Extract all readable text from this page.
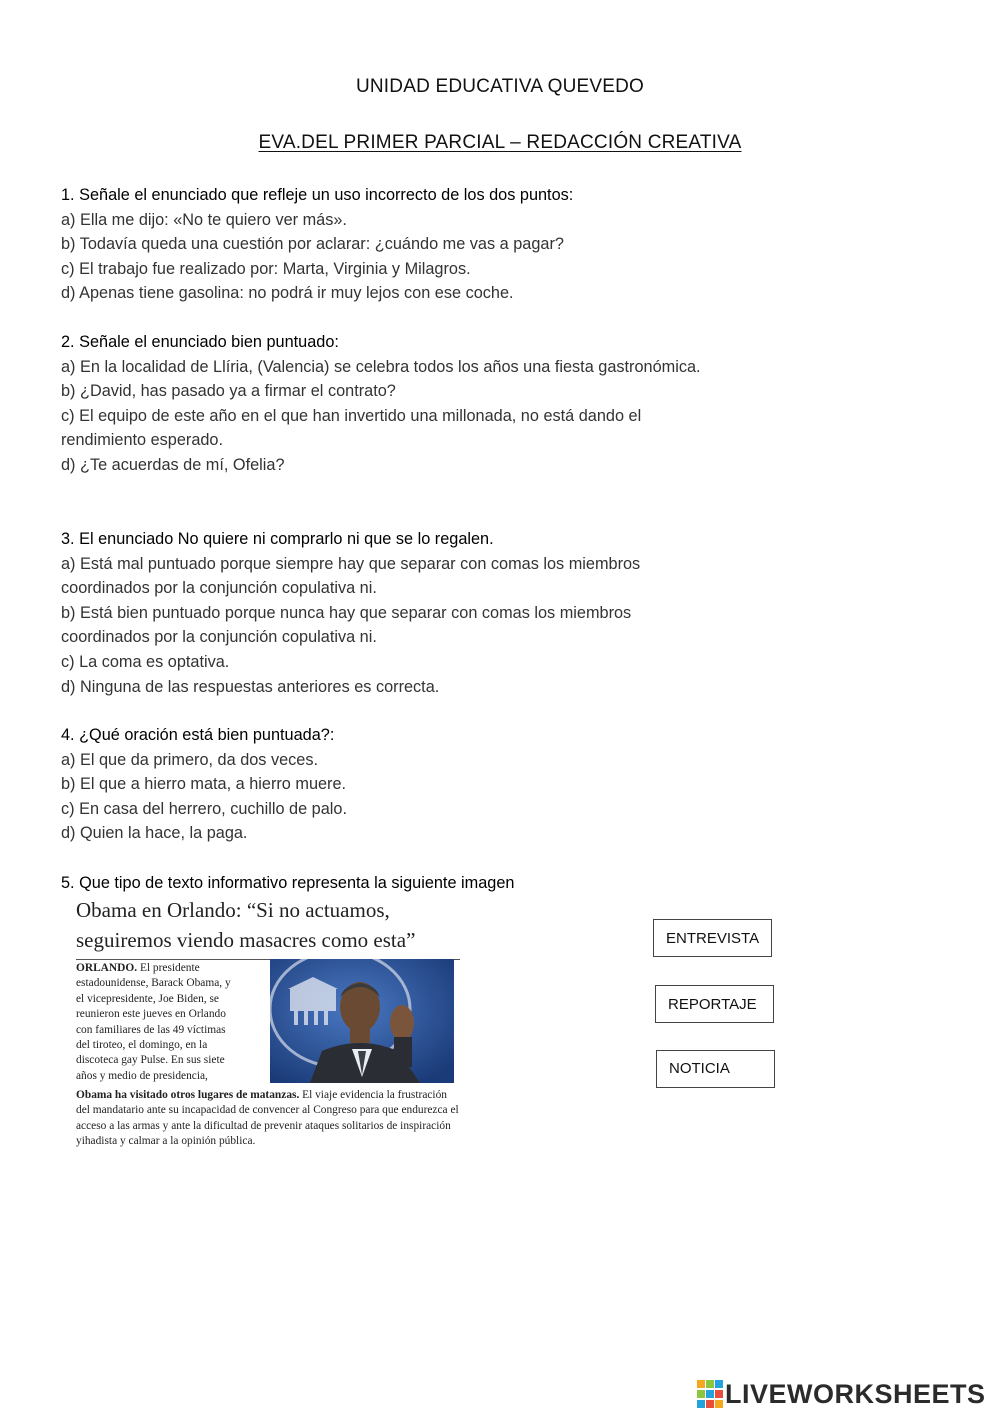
UNIDAD EDUCATIVA QUEVEDO
EVA.DEL PRIMER PARCIAL – REDACCIÓN CREATIVA
1. Señale el enunciado que refleje un uso incorrecto de los dos puntos:
a) Ella me dijo: «No te quiero ver más».
b) Todavía queda una cuestión por aclarar: ¿cuándo me vas a pagar?
c) El trabajo fue realizado por: Marta, Virginia y Milagros.
d) Apenas tiene gasolina: no podrá ir muy lejos con ese coche.
2. Señale el enunciado bien puntuado:
a) En la localidad de Llíria, (Valencia) se celebra todos los años una fiesta gastronómica.
b) ¿David, has pasado ya a firmar el contrato?
c) El equipo de este año en el que han invertido una millonada, no está dando el rendimiento esperado.
d) ¿Te acuerdas de mí, Ofelia?
3. El enunciado No quiere ni comprarlo ni que se lo regalen.
a) Está mal puntuado porque siempre hay que separar con comas los miembros coordinados por la conjunción copulativa ni.
b) Está bien puntuado porque nunca hay que separar con comas los miembros coordinados por la conjunción copulativa ni.
c) La coma es optativa.
d) Ninguna de las respuestas anteriores es correcta.
4. ¿Qué oración está bien puntuada?:
a) El que da primero, da dos veces.
b) El que a hierro mata, a hierro muere.
c) En casa del herrero, cuchillo de palo.
d) Quien la hace, la paga.
5. Que tipo de texto informativo representa la siguiente imagen
Obama en Orlando: “Si no actuamos,
seguiremos viendo masacres como esta”
ORLANDO. El presidente
estadounidense, Barack Obama, y
el vicepresidente, Joe Biden, se
reunieron este jueves en Orlando
con familiares de las 49 víctimas
del tiroteo, el domingo, en la
discoteca gay Pulse. En sus siete
años y medio de presidencia,
Obama ha visitado otros lugares de matanzas. El viaje evidencia la frustración del mandatario ante su incapacidad de convencer al Congreso para que endurezca el acceso a las armas y ante la dificultad de prevenir ataques solitarios de inspiración yihadista y calmar a la opinión pública.
ENTREVISTA
REPORTAJE
NOTICIA
LIVEWORKSHEETS
